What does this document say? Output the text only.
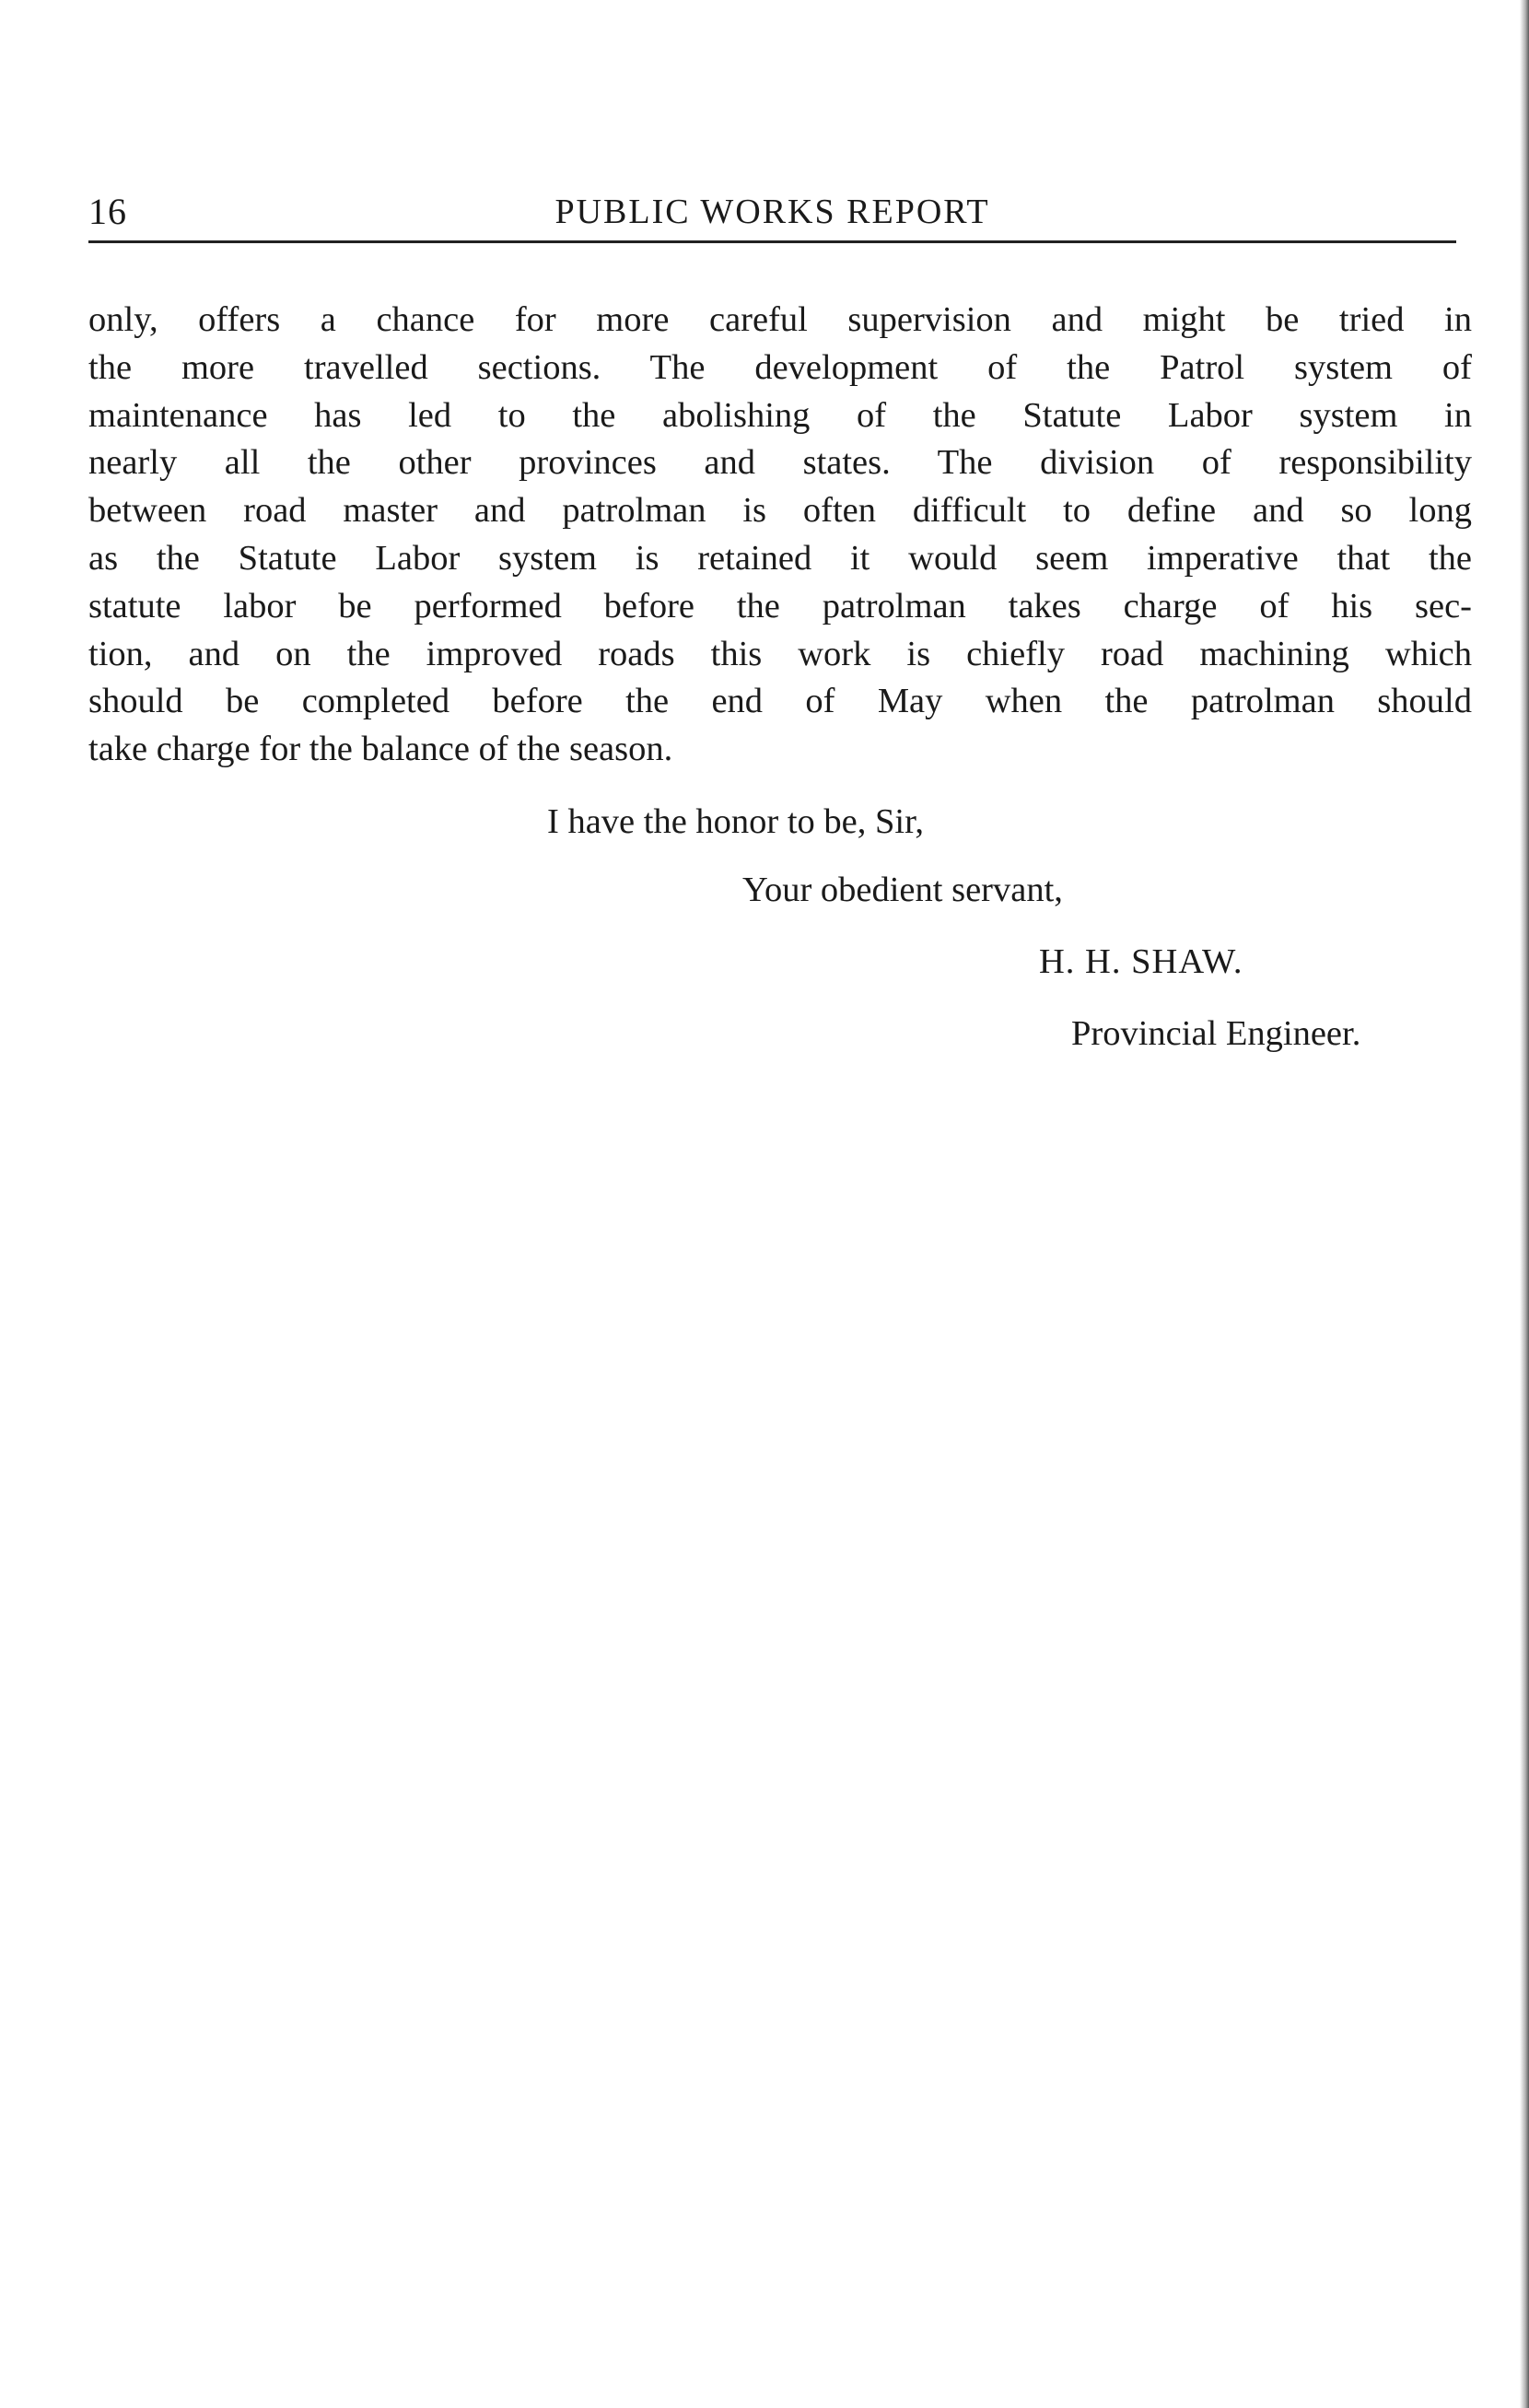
16	PUBLIC WORKS REPORT
only, offers a chance for more careful supervision and might be tried in
the more travelled sections. The development of the Patrol system of
maintenance has led to the abolishing of the Statute Labor system in
nearly all the other provinces and states. The division of responsibility
between road master and patrolman is often difficult to define and so long
as the Statute Labor system is retained it would seem imperative that the
statute labor be performed before the patrolman takes charge of his sec-
tion, and on the improved roads this work is chiefly road machining which
should be completed before the end of May when the patrolman should
take charge for the balance of the season.
I have the honor to be, Sir,
Your obedient servant,
H. H. SHAW.
Provincial Engineer.
